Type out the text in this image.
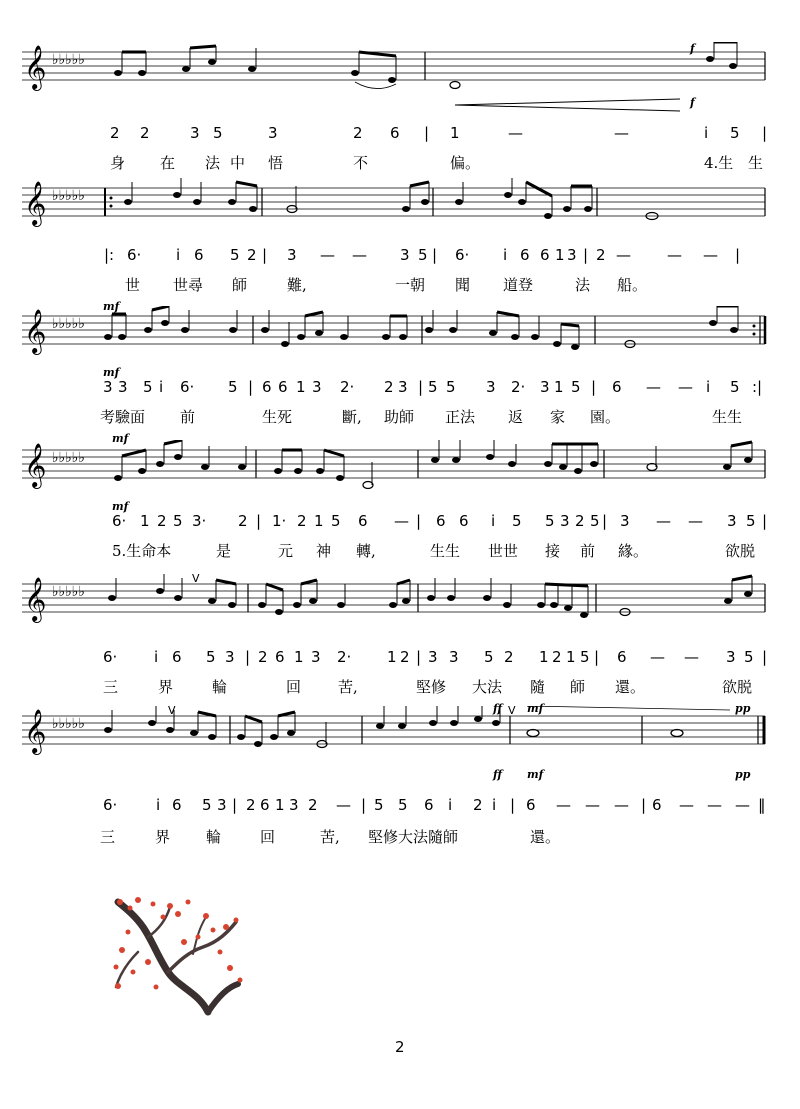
𝄞 ♭♭♭♭♭
f
f
2 2	3 5	3	2 6 | 1	—	—	i 5 |
身 在 法 中 悟	不	偏。	4.生 生
𝄞 ♭♭♭♭♭
|: 6· i 6 5 2 | 3 — — 3 5 | 6· i 6 6 1 3 | 2 — — — |
世 世尋 師	難,	一朝 聞 道登	法 船。
mf
𝄞 ♭♭♭♭♭
mf
3 3 5 i 6· 5 | 6 6 1 3 2· 2 3 | 5 5 3 2· 3 1 5 | 6 — — i 5 :|
考驗面 前	生死	斷, 助師 正法 返 家 園。	生生
mf
𝄞 ♭♭♭♭♭
mf
6· 1 2 5 3· 2 | 1· 2 1 5 6 — | 6 6 i 5 5 3 2 5 | 3 — — 3 5 |
5.生命本	是	元 神 轉,	生生 世世 接 前 緣。	欲脱
𝄞 ♭♭♭♭♭
V
6· i 6 5 3 | 2 6 1 3 2· 1 2 | 3 3 5 2 1 2 1 5 | 6 — — 3 5 |
三	界	輪	回 苦,	堅修 大法 隨 師 還。	欲脱
ff mf	pp
𝄞 ♭♭♭♭♭
V	V
ff mf	pp
6·	i 6 5 3 | 2 6 1 3 2 — | 5 5 6 i 2 i | 6 — — — | 6 — — — ‖
三	界 輪	回	苦, 堅修大法隨師	還。
2
